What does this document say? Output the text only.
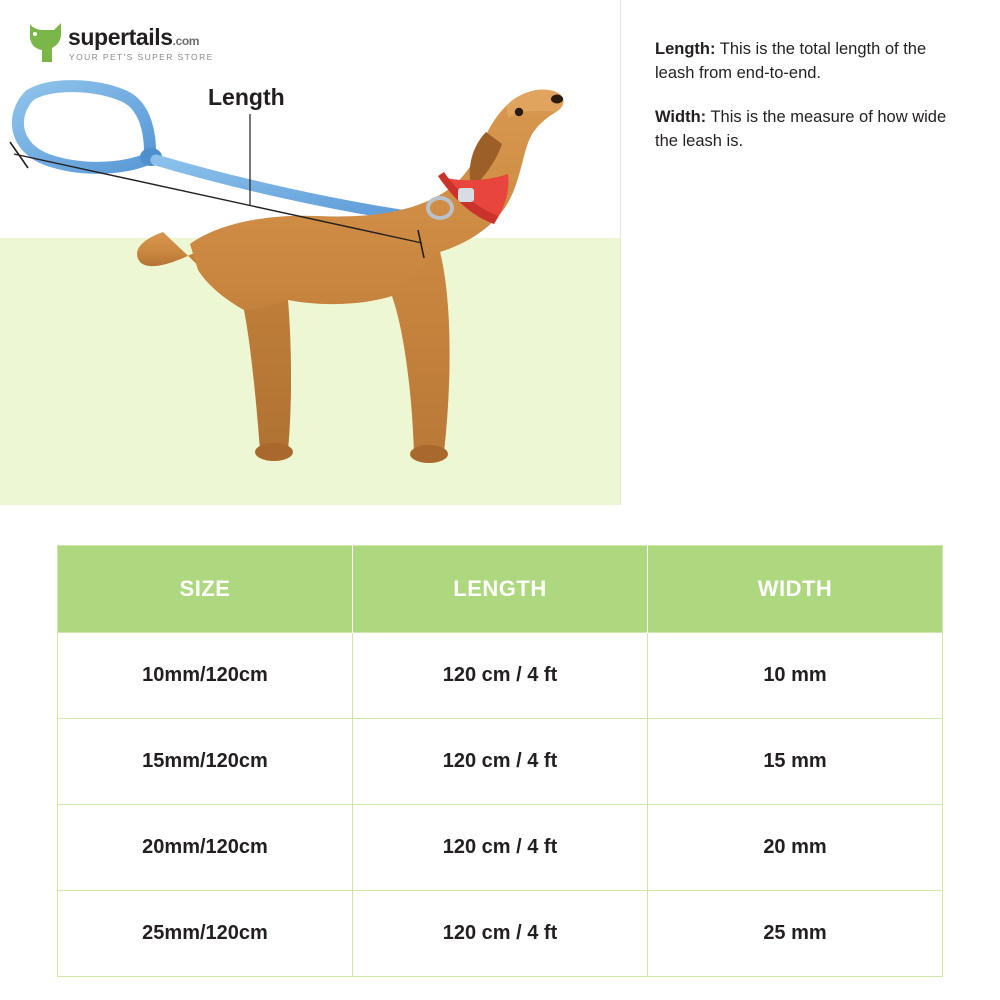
supertails.com
YOUR PET'S SUPER STORE
Length

Length: This is the total length of the leash from end-to-end.

Width: This is the measure of how wide the leash is.

SIZE	LENGTH	WIDTH
10mm/120cm	120 cm / 4 ft	10 mm
15mm/120cm	120 cm / 4 ft	15 mm
20mm/120cm	120 cm / 4 ft	20 mm
25mm/120cm	120 cm / 4 ft	25 mm
